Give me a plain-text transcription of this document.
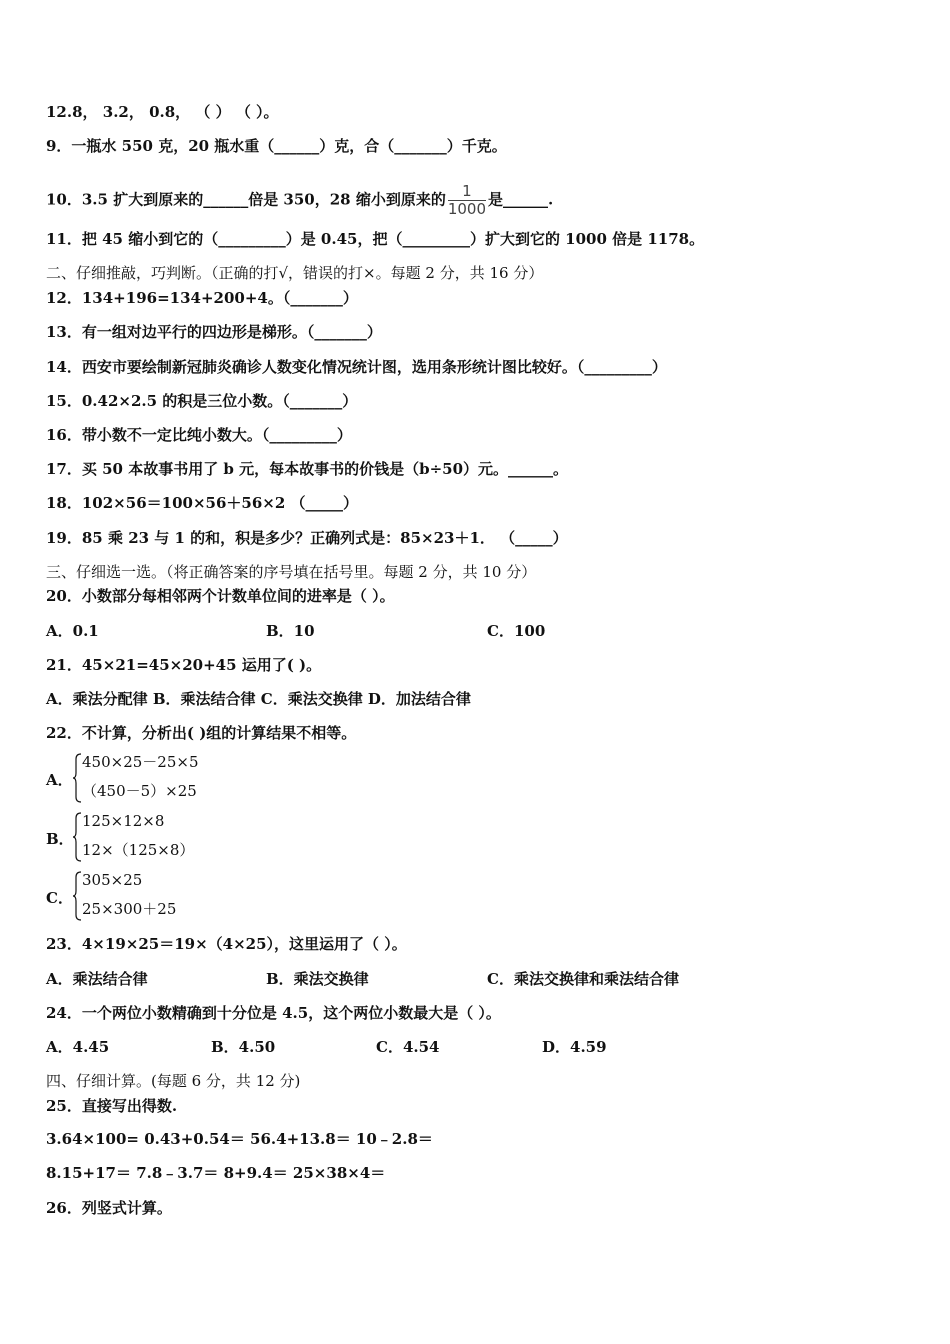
12.8， 3.2， 0.8， （ ） （ ）。
9．一瓶水 550 克，20 瓶水重（______）克，合（_______）千克。
10．3.5 扩大到原来的______倍是 350，28 缩小到原来的 $\frac{1}{1000}$ 是______.
11．把 45 缩小到它的（_________）是 0.45，把（_________）扩大到它的 1000 倍是 1178。
二、仔细推敲，巧判断。（正确的打√，错误的打×。每题 2 分，共 16 分）
12．134+196=134+200+4。（_______）
13．有一组对边平行的四边形是梯形。（_______）
14．西安市要绘制新冠肺炎确诊人数变化情况统计图，选用条形统计图比较好。（_________）
15．0.42×2.5 的积是三位小数。（_______）
16．带小数不一定比纯小数大。（_________）
17．买 50 本故事书用了 b 元，每本故事书的价钱是（b÷50）元。______。
18．102×56＝100×56＋56×2 （_____）
19．85 乘 23 与 1 的和，积是多少？正确列式是：85×23＋1． （_____）
三、仔细选一选。（将正确答案的序号填在括号里。每题 2 分，共 10 分）
20．小数部分每相邻两个计数单位间的进率是（ ）。
A．0.1	B．10	C．100
21．45×21=45×20+45 运用了( )。
A．乘法分配律 B．乘法结合律 C．乘法交换律 D．加法结合律
22．不计算，分析出( )组的计算结果不相等。
A．
450×25－25×5
（450－5）×25
B．
125×12×8
12×（125×8）
C．
305×25
25×300＋25
23．4×19×25＝19×（4×25），这里运用了（ ）。
A．乘法结合律	B．乘法交换律	C．乘法交换律和乘法结合律
24．一个两位小数精确到十分位是 4.5，这个两位小数最大是（ ）。
A．4.45	B．4.50	C．4.54	D．4.59
四、仔细计算。(每题 6 分，共 12 分)
25．直接写出得数.
3.64×100= 0.43+0.54＝ 56.4+13.8＝ 10﹣2.8＝
8.15+17＝ 7.8﹣3.7＝ 8+9.4＝ 25×38×4＝
26．列竖式计算。
